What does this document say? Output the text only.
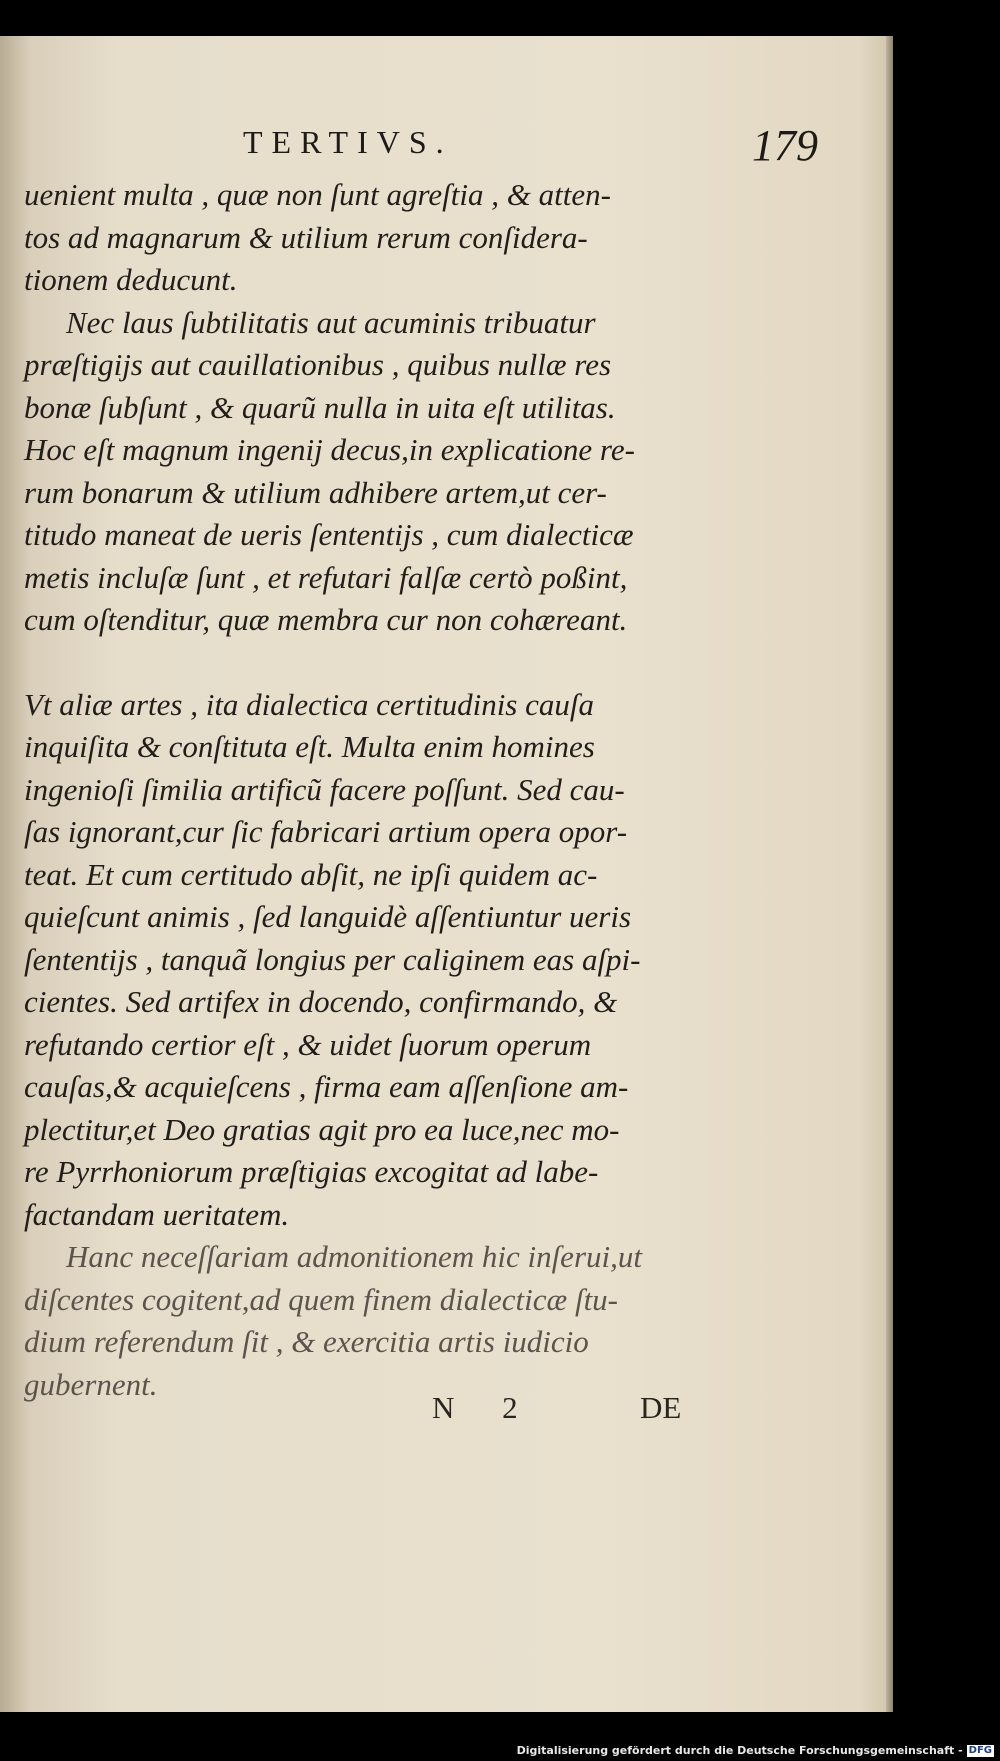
TERTIVS.	179

uenient multa , quæ non ſunt agreſtia , & atten-

tos ad magnarum & utilium rerum conſidera-

tionem deducunt.

Nec laus ſubtilitatis aut acuminis tribuatur

præſtigijs aut cauillationibus , quibus nullæ res

bonæ ſubſunt , & quarũ nulla in uita eſt utilitas.

Hoc eſt magnum ingenij decus,in explicatione re-

rum bonarum & utilium adhibere artem,ut cer-

titudo maneat de ueris ſententijs , cum dialecticæ

metis incluſæ ſunt , et refutari falſæ certò poßint,

cum oſtenditur, quæ membra cur non cohæreant.

Vt aliæ artes , ita dialectica certitudinis cauſa

inquiſita & conſtituta eſt. Multa enim homines

ingenioſi ſimilia artificũ facere poſſunt. Sed cau-

ſas ignorant,cur ſic fabricari artium opera opor-

teat. Et cum certitudo abſit, ne ipſi quidem ac-

quieſcunt animis , ſed languidè aſſentiuntur ueris

ſententijs , tanquã longius per caliginem eas aſpi-

cientes. Sed artifex in docendo, confirmando, &

refutando certior eſt , & uidet ſuorum operum

cauſas,& acquieſcens , firma eam aſſenſione am-

plectitur,et Deo gratias agit pro ea luce,nec mo-

re Pyrrhoniorum præſtigias excogitat ad labe-

factandam ueritatem.

Hanc neceſſariam admonitionem hic inſerui,ut

diſcentes cogitent,ad quem finem dialecticæ ſtu-

dium referendum ſit , & exercitia artis iudicio

gubernent.

N 2	DE
Digitalisierung gefördert durch die Deutsche Forschungsgemeinschaft - DFG
